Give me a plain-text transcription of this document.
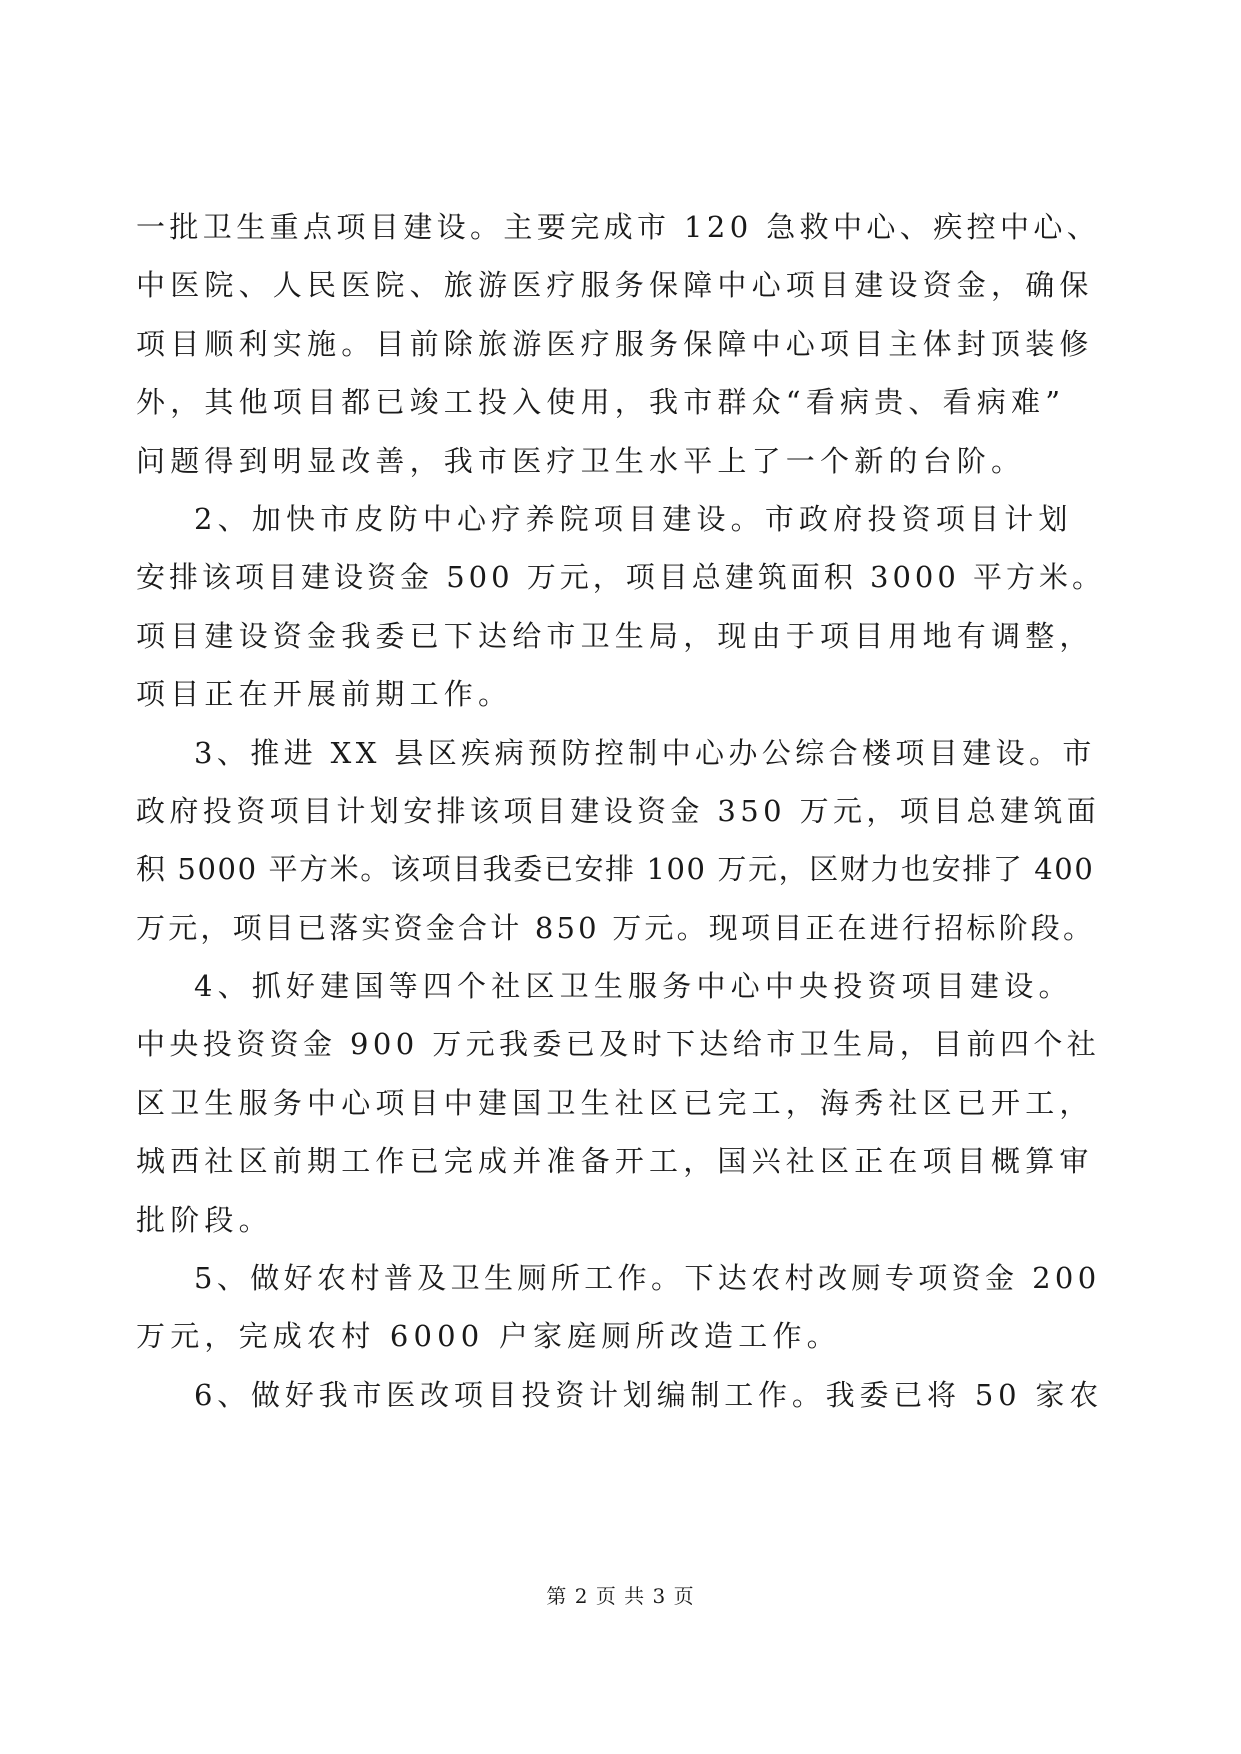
一批卫生重点项目建设。主要完成市 120 急救中心、疾控中心、
中医院、人民医院、旅游医疗服务保障中心项目建设资金，确保
项目顺利实施。目前除旅游医疗服务保障中心项目主体封顶装修
外，其他项目都已竣工投入使用，我市群众“看病贵、看病难”
问题得到明显改善，我市医疗卫生水平上了一个新的台阶。
2、加快市皮防中心疗养院项目建设。市政府投资项目计划
安排该项目建设资金 500 万元，项目总建筑面积 3000 平方米。
项目建设资金我委已下达给市卫生局，现由于项目用地有调整，
项目正在开展前期工作。
3、推进 XX 县区疾病预防控制中心办公综合楼项目建设。市
政府投资项目计划安排该项目建设资金 350 万元，项目总建筑面
积 5000 平方米。该项目我委已安排 100 万元，区财力也安排了 400
万元，项目已落实资金合计 850 万元。现项目正在进行招标阶段。
4、抓好建国等四个社区卫生服务中心中央投资项目建设。
中央投资资金 900 万元我委已及时下达给市卫生局，目前四个社
区卫生服务中心项目中建国卫生社区已完工，海秀社区已开工，
城西社区前期工作已完成并准备开工，国兴社区正在项目概算审
批阶段。
5、做好农村普及卫生厕所工作。下达农村改厕专项资金 200
万元，完成农村 6000 户家庭厕所改造工作。
6、做好我市医改项目投资计划编制工作。我委已将 50 家农
第 2 页 共 3 页
